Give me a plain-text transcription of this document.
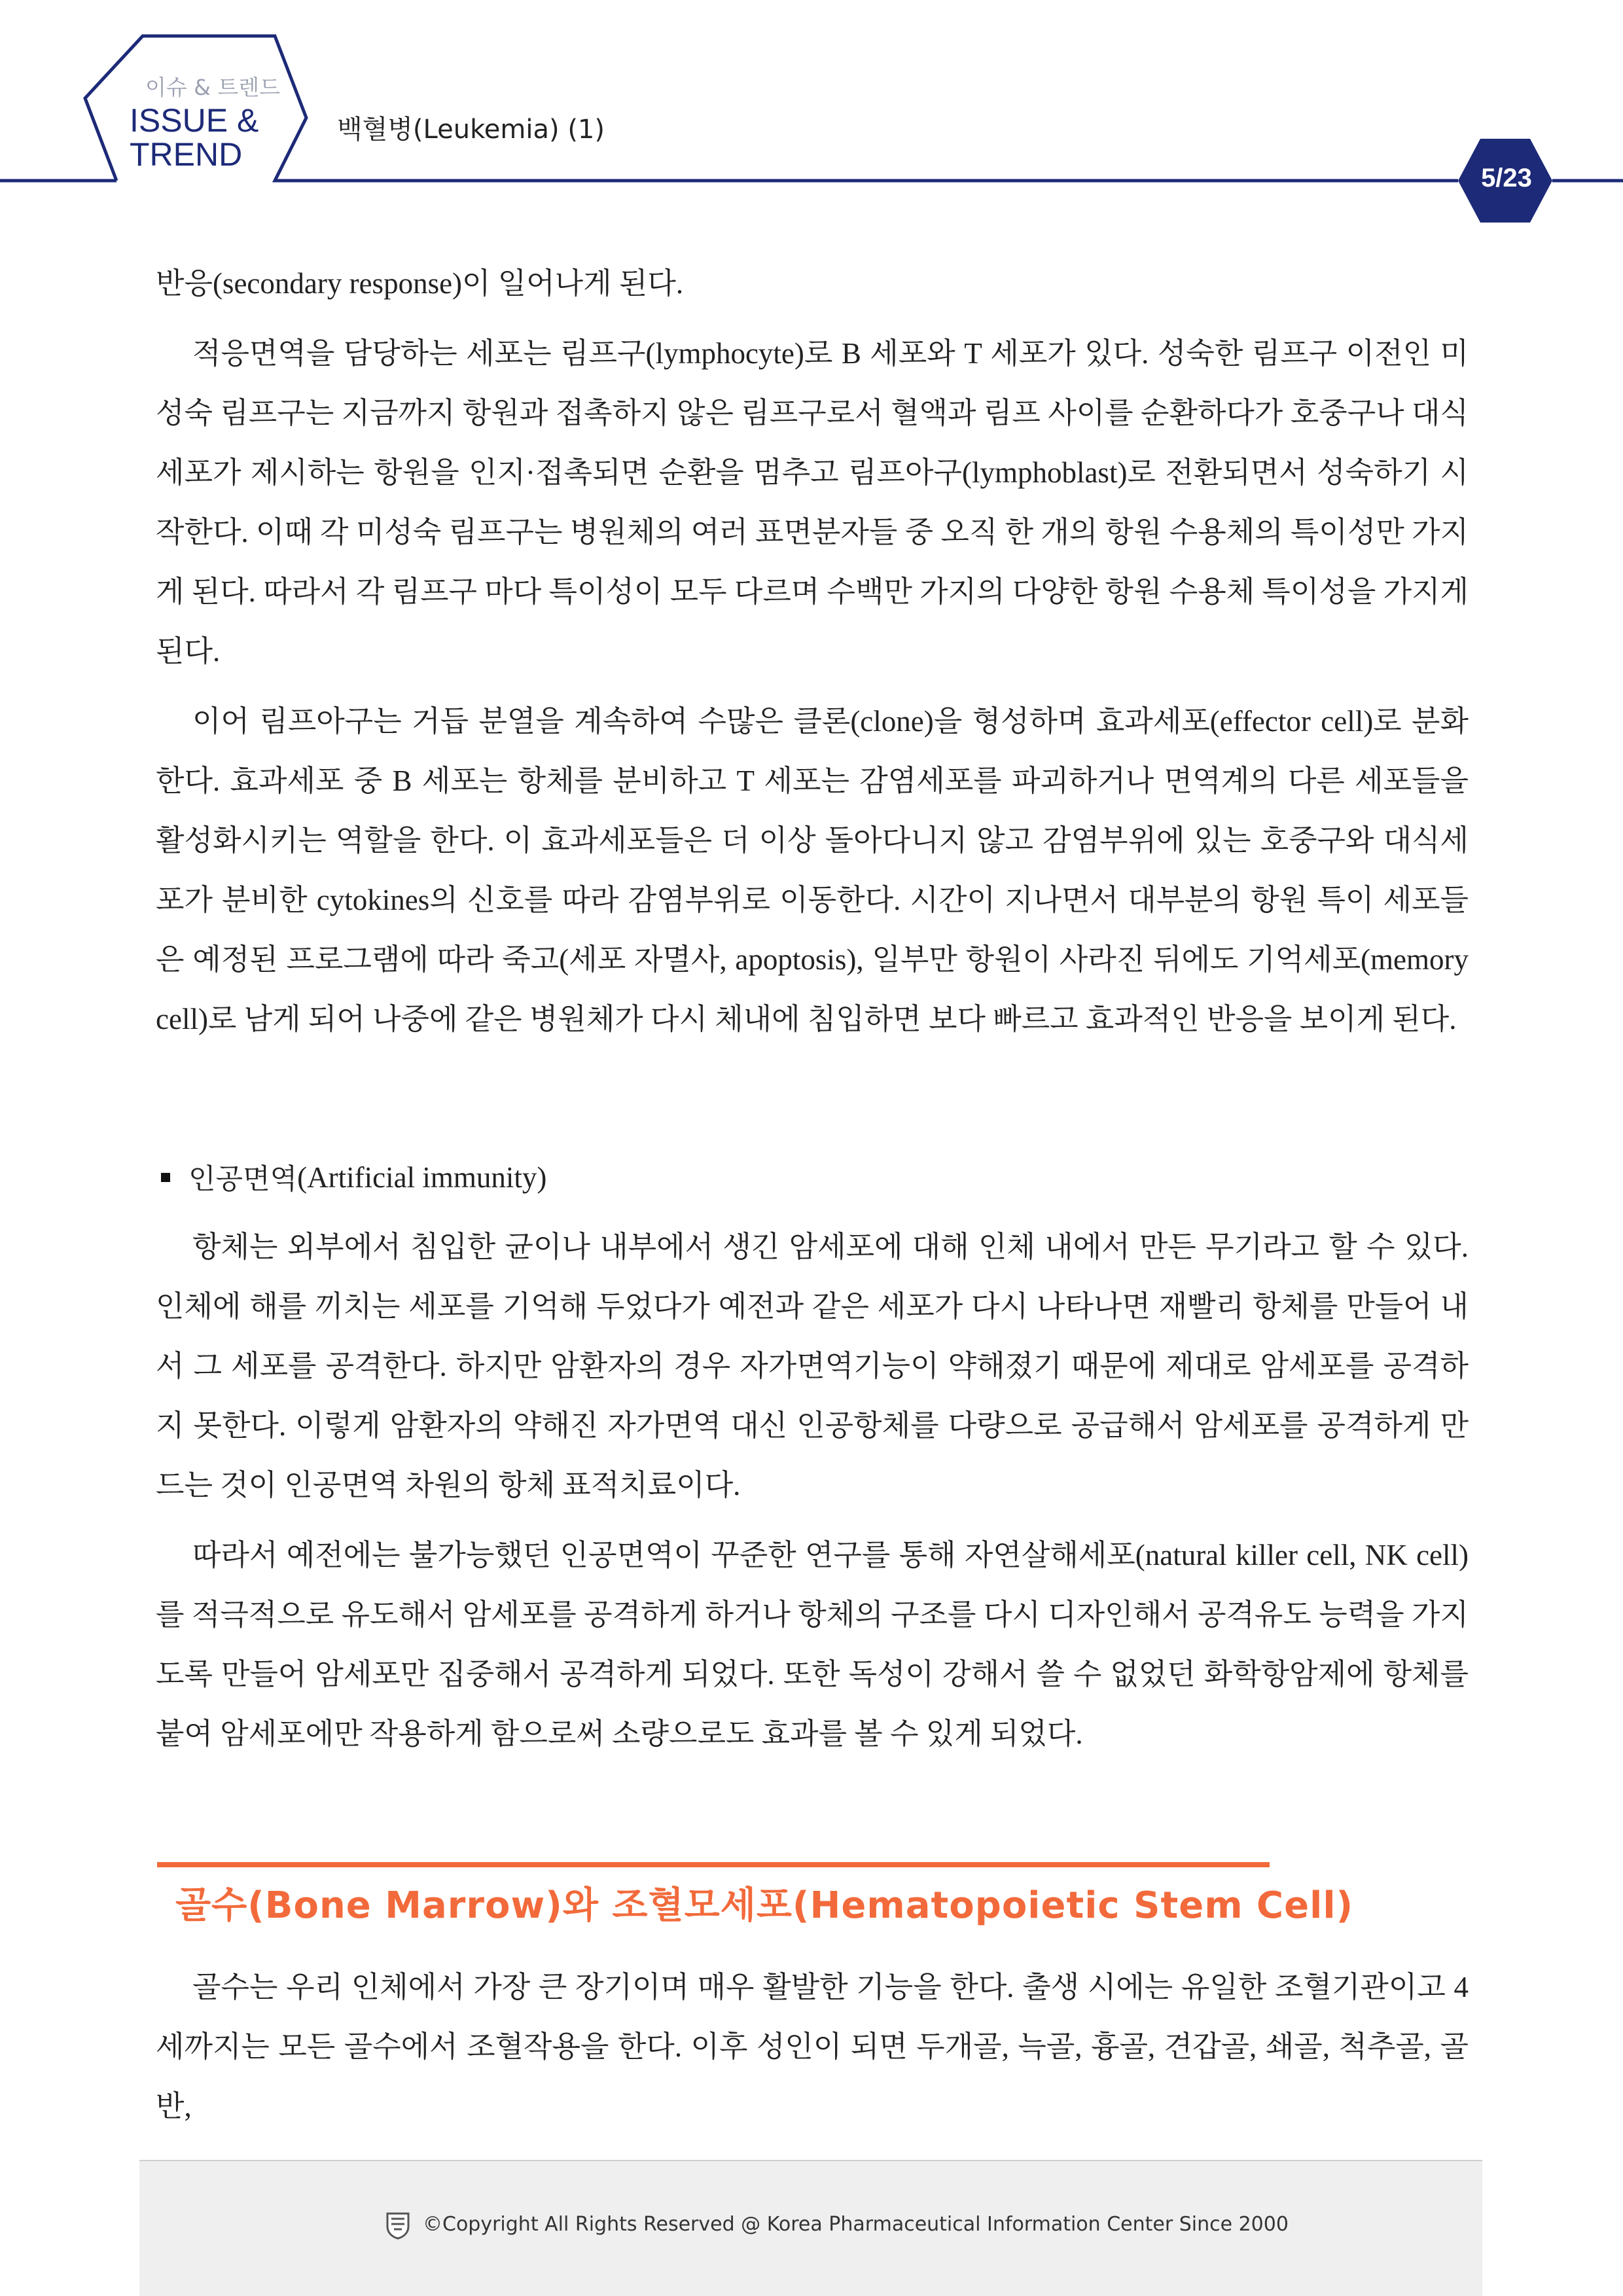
이슈 & 트렌드
ISSUE &
TREND
백혈병(Leukemia) (1)
5/23

반응(secondary response)이 일어나게 된다.

적응면역을 담당하는 세포는 림프구(lymphocyte)로 B 세포와 T 세포가 있다. 성숙한 림프구 이전인 미성숙 림프구는 지금까지 항원과 접촉하지 않은 림프구로서 혈액과 림프 사이를 순환하다가 호중구나 대식세포가 제시하는 항원을 인지·접촉되면 순환을 멈추고 림프아구(lymphoblast)로 전환되면서 성숙하기 시작한다. 이때 각 미성숙 림프구는 병원체의 여러 표면분자들 중 오직 한 개의 항원 수용체의 특이성만 가지게 된다. 따라서 각 림프구 마다 특이성이 모두 다르며 수백만 가지의 다양한 항원 수용체 특이성을 가지게 된다.

이어 림프아구는 거듭 분열을 계속하여 수많은 클론(clone)을 형성하며 효과세포(effector cell)로 분화한다. 효과세포 중 B 세포는 항체를 분비하고 T 세포는 감염세포를 파괴하거나 면역계의 다른 세포들을 활성화시키는 역할을 한다. 이 효과세포들은 더 이상 돌아다니지 않고 감염부위에 있는 호중구와 대식세포가 분비한 cytokines의 신호를 따라 감염부위로 이동한다. 시간이 지나면서 대부분의 항원 특이 세포들은 예정된 프로그램에 따라 죽고(세포 자멸사, apoptosis), 일부만 항원이 사라진 뒤에도 기억세포(memory cell)로 남게 되어 나중에 같은 병원체가 다시 체내에 침입하면 보다 빠르고 효과적인 반응을 보이게 된다.

인공면역 (Artificial immunity)

항체는 외부에서 침입한 균이나 내부에서 생긴 암세포에 대해 인체 내에서 만든 무기라고 할 수 있다. 인체에 해를 끼치는 세포를 기억해 두었다가 예전과 같은 세포가 다시 나타나면 재빨리 항체를 만들어 내서 그 세포를 공격한다. 하지만 암환자의 경우 자가면역기능이 약해졌기 때문에 제대로 암세포를 공격하지 못한다. 이렇게 암환자의 약해진 자가면역 대신 인공항체를 다량으로 공급해서 암세포를 공격하게 만드는 것이 인공면역 차원의 항체 표적치료이다.

따라서 예전에는 불가능했던 인공면역이 꾸준한 연구를 통해 자연살해세포(natural killer cell, NK cell)를 적극적으로 유도해서 암세포를 공격하게 하거나 항체의 구조를 다시 디자인해서 공격유도 능력을 가지도록 만들어 암세포만 집중해서 공격하게 되었다. 또한 독성이 강해서 쓸 수 없었던 화학항암제에 항체를 붙여 암세포에만 작용하게 함으로써 소량으로도 효과를 볼 수 있게 되었다.

골수(Bone Marrow)와 조혈모세포(Hematopoietic Stem Cell)

골수는 우리 인체에서 가장 큰 장기이며 매우 활발한 기능을 한다. 출생 시에는 유일한 조혈기관이고 4세까지는 모든 골수에서 조혈작용을 한다. 이후 성인이 되면 두개골, 늑골, 흉골, 견갑골, 쇄골, 척추골, 골반,

©Copyright All Rights Reserved @ Korea Pharmaceutical Information Center Since 2000
